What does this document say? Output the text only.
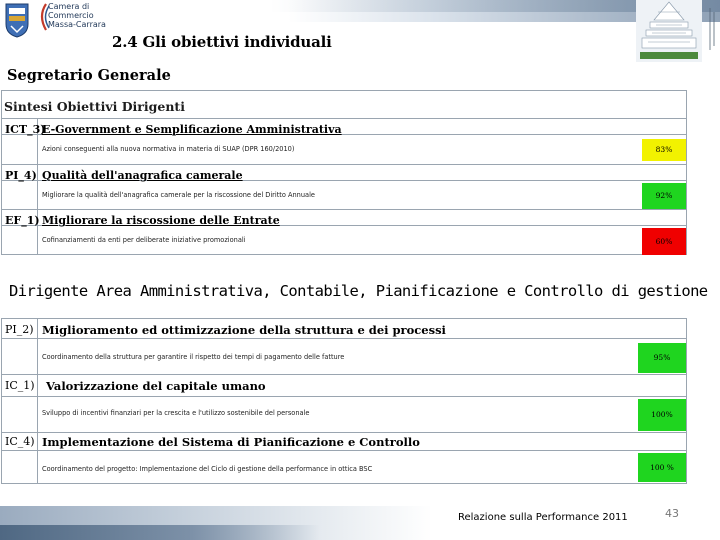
Camera di Commercio
Massa-Carrara
2.4 Gli obiettivi individuali
Segretario Generale
Sintesi Obiettivi Dirigenti
ICT_3)
E-Government e Semplificazione Amministrativa
Azioni conseguenti alla nuova normativa in materia di SUAP (DPR 160/2010)	83%
PI_4) Qualità dell'anagrafica camerale
Migliorare la qualità dell'anagrafica camerale per la riscossione del Diritto Annuale	92%
EF_1) Migliorare la riscossione delle Entrate
Cofinanziamenti da enti per deliberate iniziative promozionali	60%
Dirigente Area Amministrativa, Contabile, Pianificazione e Controllo di gestione
PI_2) Miglioramento ed ottimizzazione della struttura e dei processi
Coordinamento della struttura per garantire il rispetto dei tempi di pagamento delle fatture	95%
IC_1) Valorizzazione del capitale umano
Sviluppo di incentivi finanziari per la crescita e l'utilizzo sostenibile del personale	100%
IC_4) Implementazione del Sistema di Pianificazione e Controllo
Coordinamento del progetto: Implementazione del Ciclo di gestione della performance in ottica BSC	100 %
Relazione sulla Performance 2011	43
